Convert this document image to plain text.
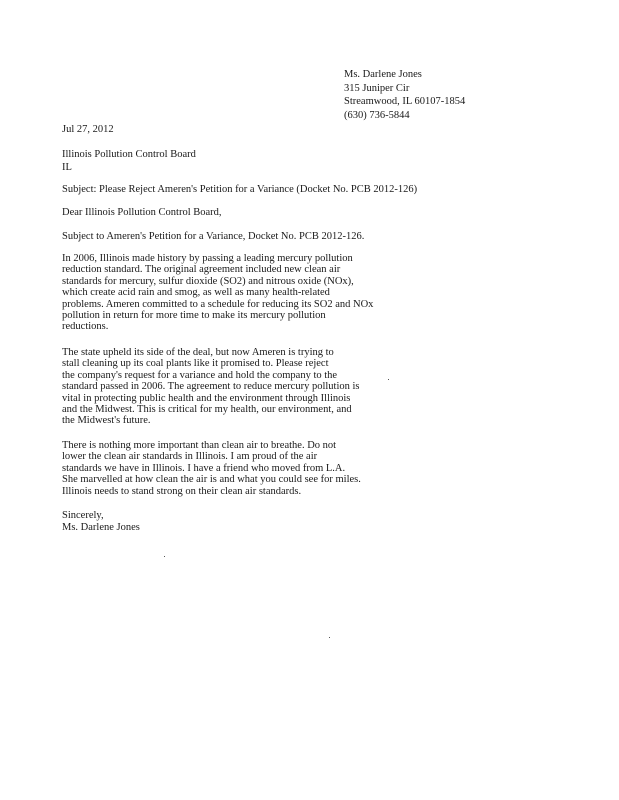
Ms. Darlene Jones
315 Juniper Cir
Streamwood, IL 60107-1854
(630) 736-5844
Jul 27, 2012
Illinois Pollution Control Board
IL
Subject: Please Reject Ameren's Petition for a Variance (Docket No. PCB 2012-126)
Dear Illinois Pollution Control Board,
Subject to Ameren's Petition for a Variance, Docket No. PCB 2012-126.
In 2006, Illinois made history by passing a leading mercury pollution
reduction standard. The original agreement included new clean air
standards for mercury, sulfur dioxide (SO2) and nitrous oxide (NOx),
which create acid rain and smog, as well as many health-related
problems. Ameren committed to a schedule for reducing its SO2 and NOx
pollution in return for more time to make its mercury pollution
reductions.
The state upheld its side of the deal, but now Ameren is trying to
stall cleaning up its coal plants like it promised to. Please reject
the company's request for a variance and hold the company to the
standard passed in 2006. The agreement to reduce mercury pollution is
vital in protecting public health and the environment through Illinois
and the Midwest. This is critical for my health, our environment, and
the Midwest's future.
There is nothing more important than clean air to breathe. Do not
lower the clean air standards in Illinois. I am proud of the air
standards we have in Illinois. I have a friend who moved from L.A.
She marvelled at how clean the air is and what you could see for miles.
Illinois needs to stand strong on their clean air standards.
Sincerely,
Ms. Darlene Jones
